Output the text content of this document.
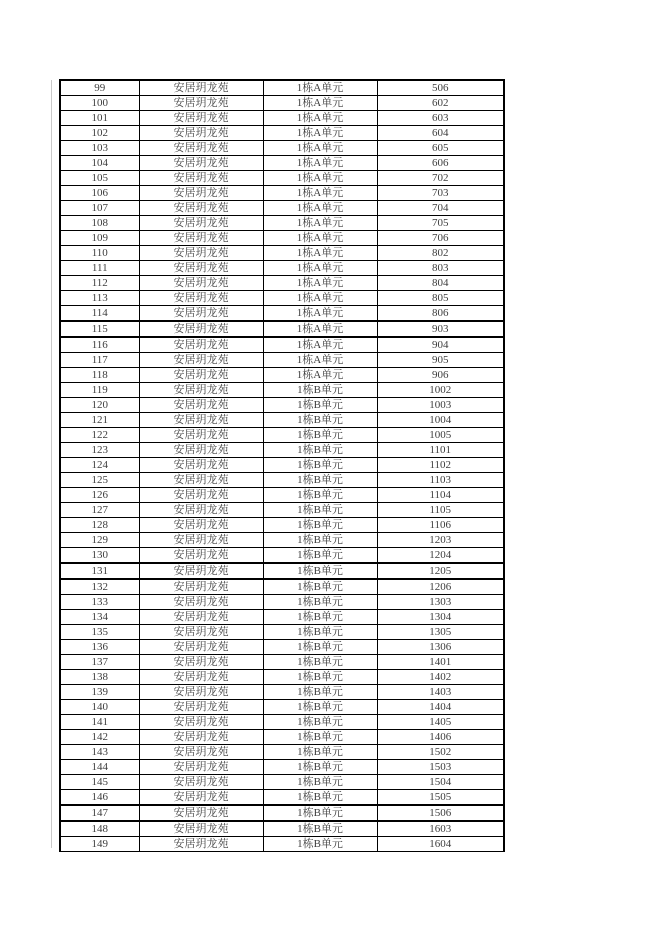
99	安居玥龙苑	1栋A单元	506
100	安居玥龙苑	1栋A单元	602
101	安居玥龙苑	1栋A单元	603
102	安居玥龙苑	1栋A单元	604
103	安居玥龙苑	1栋A单元	605
104	安居玥龙苑	1栋A单元	606
105	安居玥龙苑	1栋A单元	702
106	安居玥龙苑	1栋A单元	703
107	安居玥龙苑	1栋A单元	704
108	安居玥龙苑	1栋A单元	705
109	安居玥龙苑	1栋A单元	706
110	安居玥龙苑	1栋A单元	802
111	安居玥龙苑	1栋A单元	803
112	安居玥龙苑	1栋A单元	804
113	安居玥龙苑	1栋A单元	805
114	安居玥龙苑	1栋A单元	806
115	安居玥龙苑	1栋A单元	903
116	安居玥龙苑	1栋A单元	904
117	安居玥龙苑	1栋A单元	905
118	安居玥龙苑	1栋A单元	906
119	安居玥龙苑	1栋B单元	1002
120	安居玥龙苑	1栋B单元	1003
121	安居玥龙苑	1栋B单元	1004
122	安居玥龙苑	1栋B单元	1005
123	安居玥龙苑	1栋B单元	1101
124	安居玥龙苑	1栋B单元	1102
125	安居玥龙苑	1栋B单元	1103
126	安居玥龙苑	1栋B单元	1104
127	安居玥龙苑	1栋B单元	1105
128	安居玥龙苑	1栋B单元	1106
129	安居玥龙苑	1栋B单元	1203
130	安居玥龙苑	1栋B单元	1204
131	安居玥龙苑	1栋B单元	1205
132	安居玥龙苑	1栋B单元	1206
133	安居玥龙苑	1栋B单元	1303
134	安居玥龙苑	1栋B单元	1304
135	安居玥龙苑	1栋B单元	1305
136	安居玥龙苑	1栋B单元	1306
137	安居玥龙苑	1栋B单元	1401
138	安居玥龙苑	1栋B单元	1402
139	安居玥龙苑	1栋B单元	1403
140	安居玥龙苑	1栋B单元	1404
141	安居玥龙苑	1栋B单元	1405
142	安居玥龙苑	1栋B单元	1406
143	安居玥龙苑	1栋B单元	1502
144	安居玥龙苑	1栋B单元	1503
145	安居玥龙苑	1栋B单元	1504
146	安居玥龙苑	1栋B单元	1505
147	安居玥龙苑	1栋B单元	1506
148	安居玥龙苑	1栋B单元	1603
149	安居玥龙苑	1栋B单元	1604
